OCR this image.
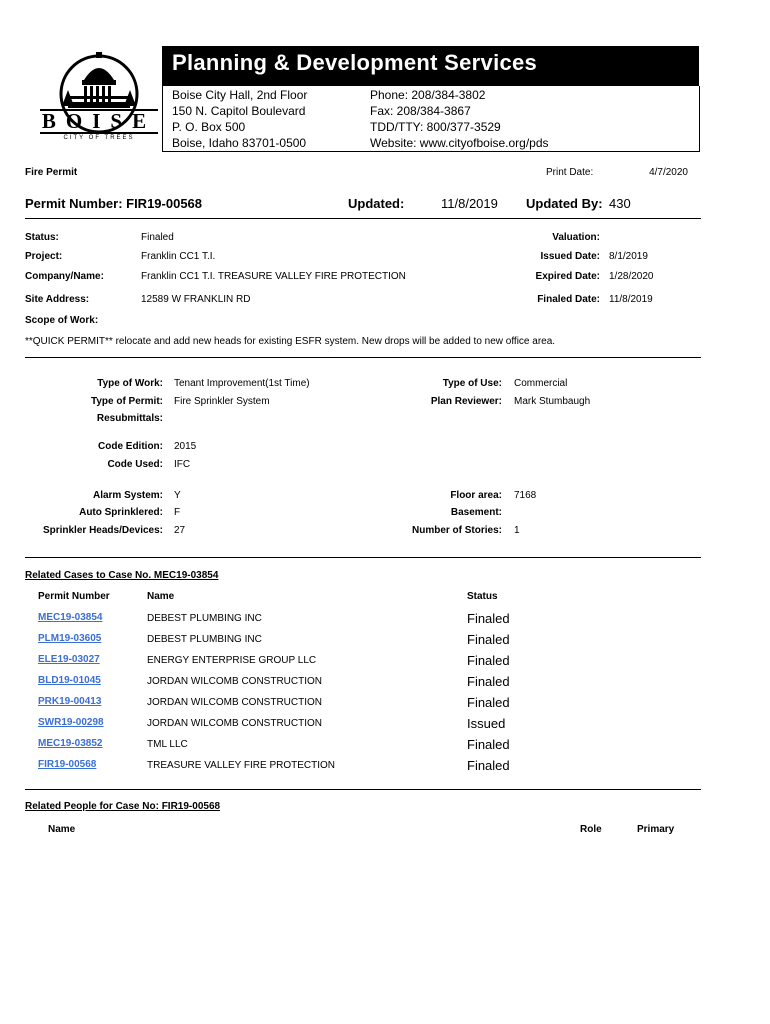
BOISE
CITY OF TREES
Planning & Development Services
Boise City Hall, 2nd Floor
150 N. Capitol Boulevard
P. O. Box 500
Boise, Idaho 83701-0500
Phone: 208/384-3802
Fax: 208/384-3867
TDD/TTY: 800/377-3529
Website: www.cityofboise.org/pds
Fire Permit	Print Date:	4/7/2020
Permit Number: FIR19-00568	Updated:	11/8/2019 Updated By: 430
Status:	Finaled
Project:	Franklin CC1 T.I.
Company/Name:	Franklin CC1 T.I. TREASURE VALLEY FIRE PROTECTION
Site Address:	12589 W FRANKLIN RD
Valuation:
Issued Date: 8/1/2019
Expired Date: 1/28/2020
Finaled Date: 11/8/2019
Scope of Work:
**QUICK PERMIT** relocate and add new heads for existing ESFR system. New drops will be added to new office area.
Type of Work: Tenant Improvement(1st Time)
Type of Permit: Fire Sprinkler System
Resubmittals:
Type of Use: Commercial
Plan Reviewer: Mark Stumbaugh
Code Edition: 2015
Code Used: IFC
Alarm System: Y
Auto Sprinklered: F
Sprinkler Heads/Devices: 27
Floor area: 7168
Basement:
Number of Stories: 1
Related Cases to Case No. MEC19-03854
Permit Number	Name	Status
MEC19-03854	DEBEST PLUMBING INC	Finaled
PLM19-03605	DEBEST PLUMBING INC	Finaled
ELE19-03027	ENERGY ENTERPRISE GROUP LLC	Finaled
BLD19-01045	JORDAN WILCOMB CONSTRUCTION	Finaled
PRK19-00413	JORDAN WILCOMB CONSTRUCTION	Finaled
SWR19-00298	JORDAN WILCOMB CONSTRUCTION	Issued
MEC19-03852	TML LLC	Finaled
FIR19-00568	TREASURE VALLEY FIRE PROTECTION	Finaled
Related People for Case No: FIR19-00568
Name	Role	Primary
